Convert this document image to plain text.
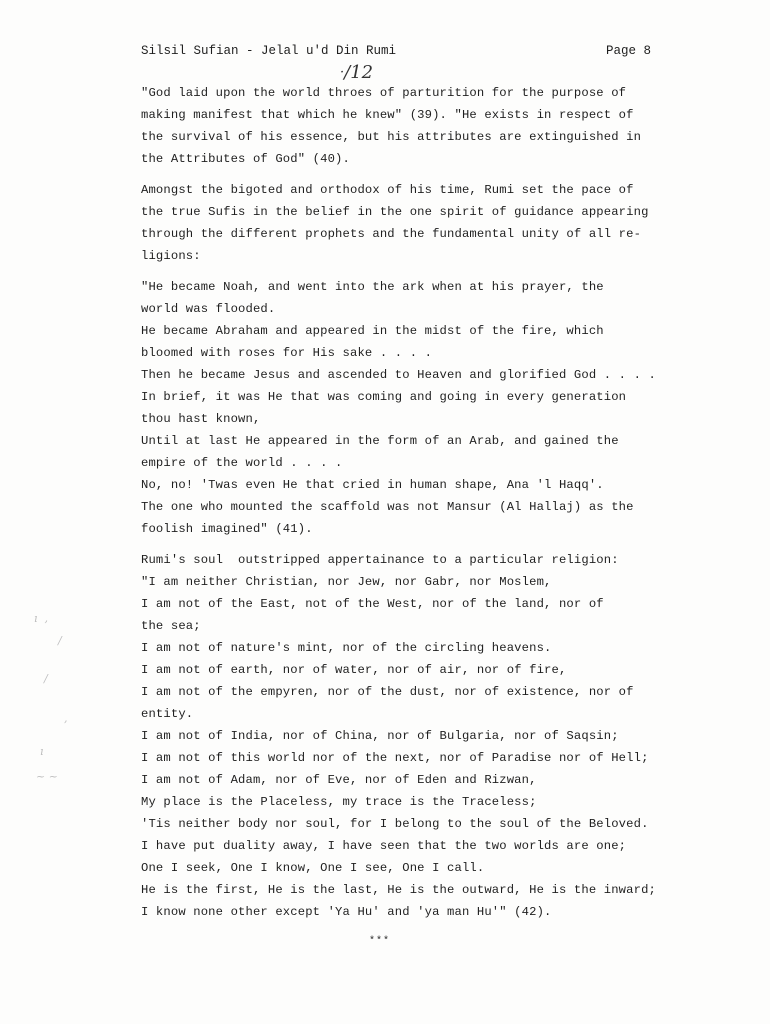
Silsil Sufian - Jelal u'd Din Rumi	Page 8
·/12
ı  ,
/
/
,
ı
~ ~
"God laid upon the world throes of parturition for the purpose of
making manifest that which he knew" (39). "He exists in respect of
the survival of his essence, but his attributes are extinguished in
the Attributes of God" (40).
Amongst the bigoted and orthodox of his time, Rumi set the pace of
the true Sufis in the belief in the one spirit of guidance appearing
through the different prophets and the fundamental unity of all re-
ligions:
"He became Noah, and went into the ark when at his prayer, the
world was flooded.
He became Abraham and appeared in the midst of the fire, which
bloomed with roses for His sake . . . .
Then he became Jesus and ascended to Heaven and glorified God . . . .
In brief, it was He that was coming and going in every generation
thou hast known,
Until at last He appeared in the form of an Arab, and gained the
empire of the world . . . .
No, no! 'Twas even He that cried in human shape, Ana 'l Haqq'.
The one who mounted the scaffold was not Mansur (Al Hallaj) as the
foolish imagined" (41).
Rumi's soul  outstripped appertainance to a particular religion:
"I am neither Christian, nor Jew, nor Gabr, nor Moslem,
I am not of the East, not of the West, nor of the land, nor of
the sea;
I am not of nature's mint, nor of the circling heavens.
I am not of earth, nor of water, nor of air, nor of fire,
I am not of the empyren, nor of the dust, nor of existence, nor of
entity.
I am not of India, nor of China, nor of Bulgaria, nor of Saqsin;
I am not of this world nor of the next, nor of Paradise nor of Hell;
I am not of Adam, nor of Eve, nor of Eden and Rizwan,
My place is the Placeless, my trace is the Traceless;
'Tis neither body nor soul, for I belong to the soul of the Beloved.
I have put duality away, I have seen that the two worlds are one;
One I seek, One I know, One I see, One I call.
He is the first, He is the last, He is the outward, He is the inward;
I know none other except 'Ya Hu' and 'ya man Hu'" (42).
***
